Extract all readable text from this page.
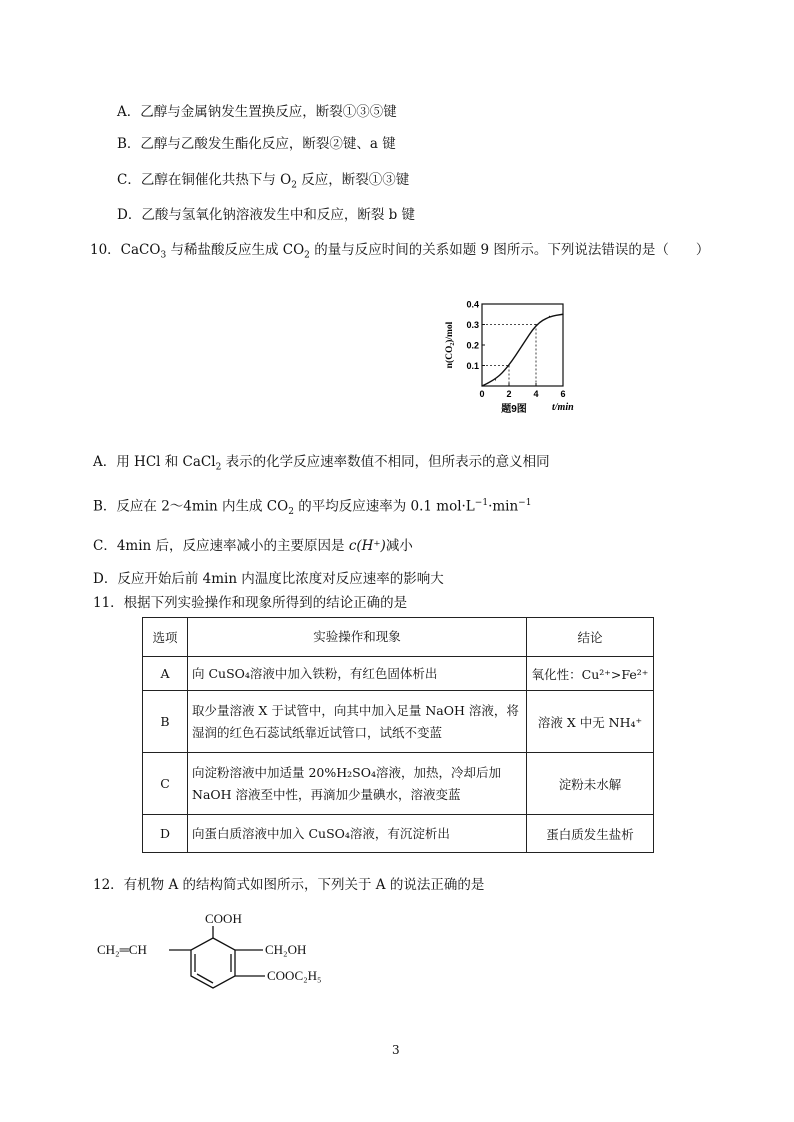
A．乙醇与金属钠发生置换反应，断裂①③⑤键
B．乙醇与乙酸发生酯化反应，断裂②键、a 键
C．乙醇在铜催化共热下与 $O_2$ 反应，断裂①③键
D．乙酸与氢氧化钠溶液发生中和反应，断裂 b 键
10．CaCO$_3$ 与稀盐酸反应生成 $CO_2$ 的量与反应时间的关系如题 9 图所示。下列说法错误的是（　　）
0.1
0.2
0.3
0.4
0 2 4 6
n(CO₂)/mol
t/min
题9图
A．用 HCl 和 CaCl$_2$ 表示的化学反应速率数值不相同，但所表示的意义相同
B．反应在 2～4min 内生成 $CO_2$ 的平均反应速率为 0.1 $mol\cdot L^{-1}\cdot\min^{-1}$
C．4min 后，反应速率减小的主要原因是 c(H⁺)减小
D．反应开始后前 4min 内温度比浓度对反应速率的影响大
11．根据下列实验操作和现象所得到的结论正确的是
选项	实验操作和现象	结论
A	向 CuSO₄溶液中加入铁粉，有红色固体析出	氧化性：Cu²⁺>Fe²⁺
B	取少量溶液 X 于试管中，向其中加入足量 NaOH 溶液，将湿润的红色石蕊试纸靠近试管口，试纸不变蓝	溶液 X 中无 NH₄⁺
C	向淀粉溶液中加适量 20%H₂SO₄溶液，加热，冷却后加 NaOH 溶液至中性，再滴加少量碘水，溶液变蓝	淀粉未水解
D	向蛋白质溶液中加入 CuSO₄溶液，有沉淀析出	蛋白质发生盐析
12．有机物 A 的结构简式如图所示，下列关于 A 的说法正确的是
COOH
CH₂═CH	CH₂OH
COOC₂H₅
3
